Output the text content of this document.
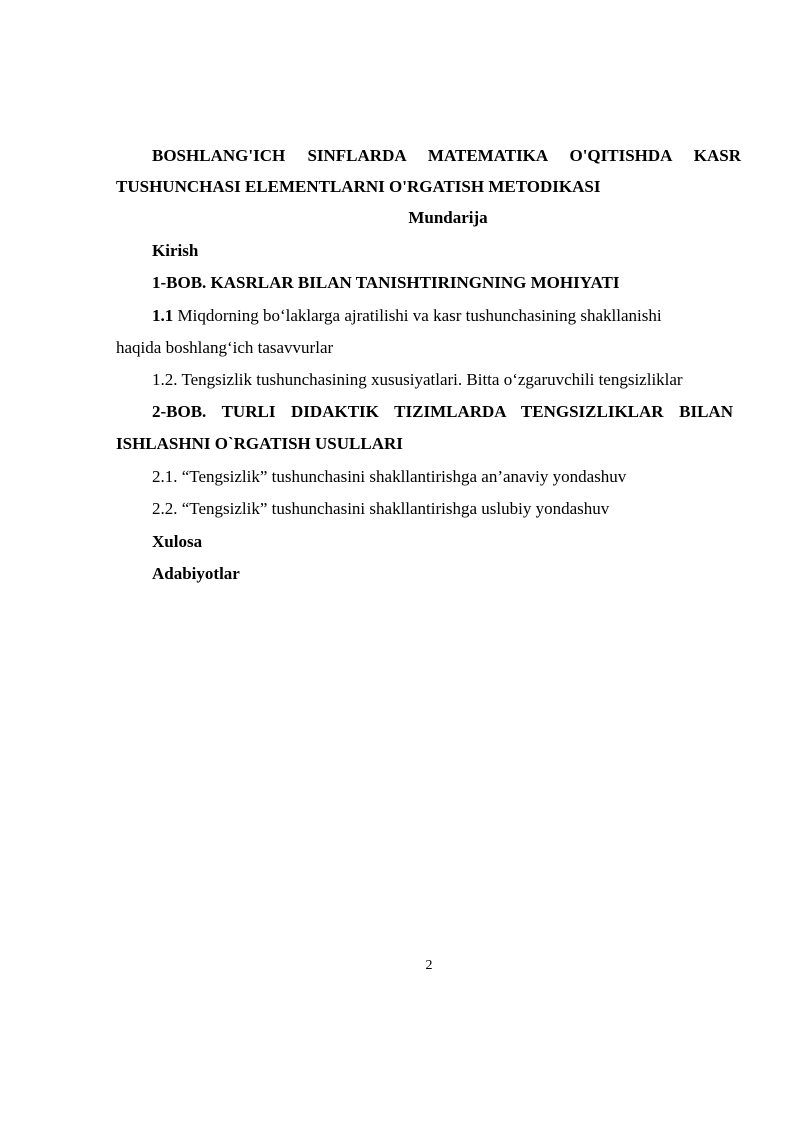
BOSHLANG'ICH SINFLARDA MATEMATIKA O'QITISHDA KASR
TUSHUNCHASI ELEMENTLARNI O'RGATISH METODIKASI
Mundarija
Kirish
1-BOB. KASRLAR BILAN TANISHTIRINGNING MOHIYATI
1.1 Miqdorning bo‘laklarga ajratilishi va kasr tushunchasining shakllanishi
haqida boshlang‘ich tasavvurlar
1.2. Tengsizlik tushunchasining xususiyatlari. Bitta o‘zgaruvchili tengsizliklar
2-BOB. TURLI DIDAKTIK TIZIMLARDA TENGSIZLIKLAR BILAN
ISHLASHNI O`RGATISH USULLARI
2.1. “Tengsizlik” tushunchasini shakllantirishga an’anaviy yondashuv
2.2. “Tengsizlik” tushunchasini shakllantirishga uslubiy yondashuv
Xulosa
Adabiyotlar
2
